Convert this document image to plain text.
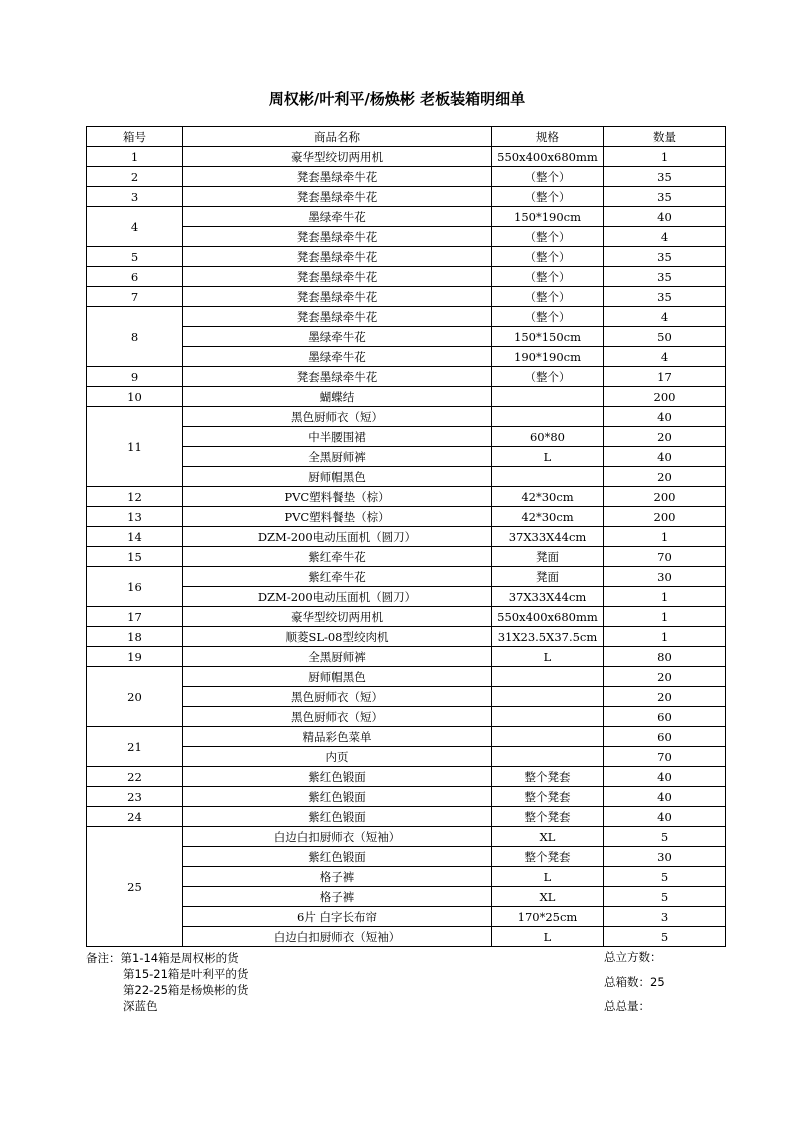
周权彬/叶利平/杨焕彬 老板装箱明细单
箱号	商品名称	规格	数量
1	豪华型绞切两用机	550x400x680mm	1
2	凳套墨绿牵牛花	（整个）	35
3	凳套墨绿牵牛花	（整个）	35
4	墨绿牵牛花	150*190cm	40
	凳套墨绿牵牛花	（整个）	4
5	凳套墨绿牵牛花	（整个）	35
6	凳套墨绿牵牛花	（整个）	35
7	凳套墨绿牵牛花	（整个）	35
8	凳套墨绿牵牛花	（整个）	4
	墨绿牵牛花	150*150cm	50
	墨绿牵牛花	190*190cm	4
9	凳套墨绿牵牛花	（整个）	17
10	蝴蝶结		200
11	黑色厨师衣（短）		40
	中半腰围裙	60*80	20
	全黑厨师裤	L	40
	厨师帽黑色		20
12	PVC塑料餐垫（棕）	42*30cm	200
13	PVC塑料餐垫（棕）	42*30cm	200
14	DZM-200电动压面机（圆刀）	37X33X44cm	1
15	紫红牵牛花	凳面	70
16	紫红牵牛花	凳面	30
	DZM-200电动压面机（圆刀）	37X33X44cm	1
17	豪华型绞切两用机	550x400x680mm	1
18	顺菱SL-08型绞肉机	31X23.5X37.5cm	1
19	全黑厨师裤	L	80
20	厨师帽黑色		20
	黑色厨师衣（短）		20
	黑色厨师衣（短）		60
21	精品彩色菜单		60
	内页		70
22	紫红色锻面	整个凳套	40
23	紫红色锻面	整个凳套	40
24	紫红色锻面	整个凳套	40
25	白边白扣厨师衣（短袖）	XL	5
	紫红色锻面	整个凳套	30
	格子裤	L	5
	格子裤	XL	5
	6片 白字长布帘	170*25cm	3
	白边白扣厨师衣（短袖）	L	5
备注：第1-14箱是周权彬的货
第15-21箱是叶利平的货
第22-25箱是杨焕彬的货
深蓝色
总立方数：
总箱数：25
总总量：
